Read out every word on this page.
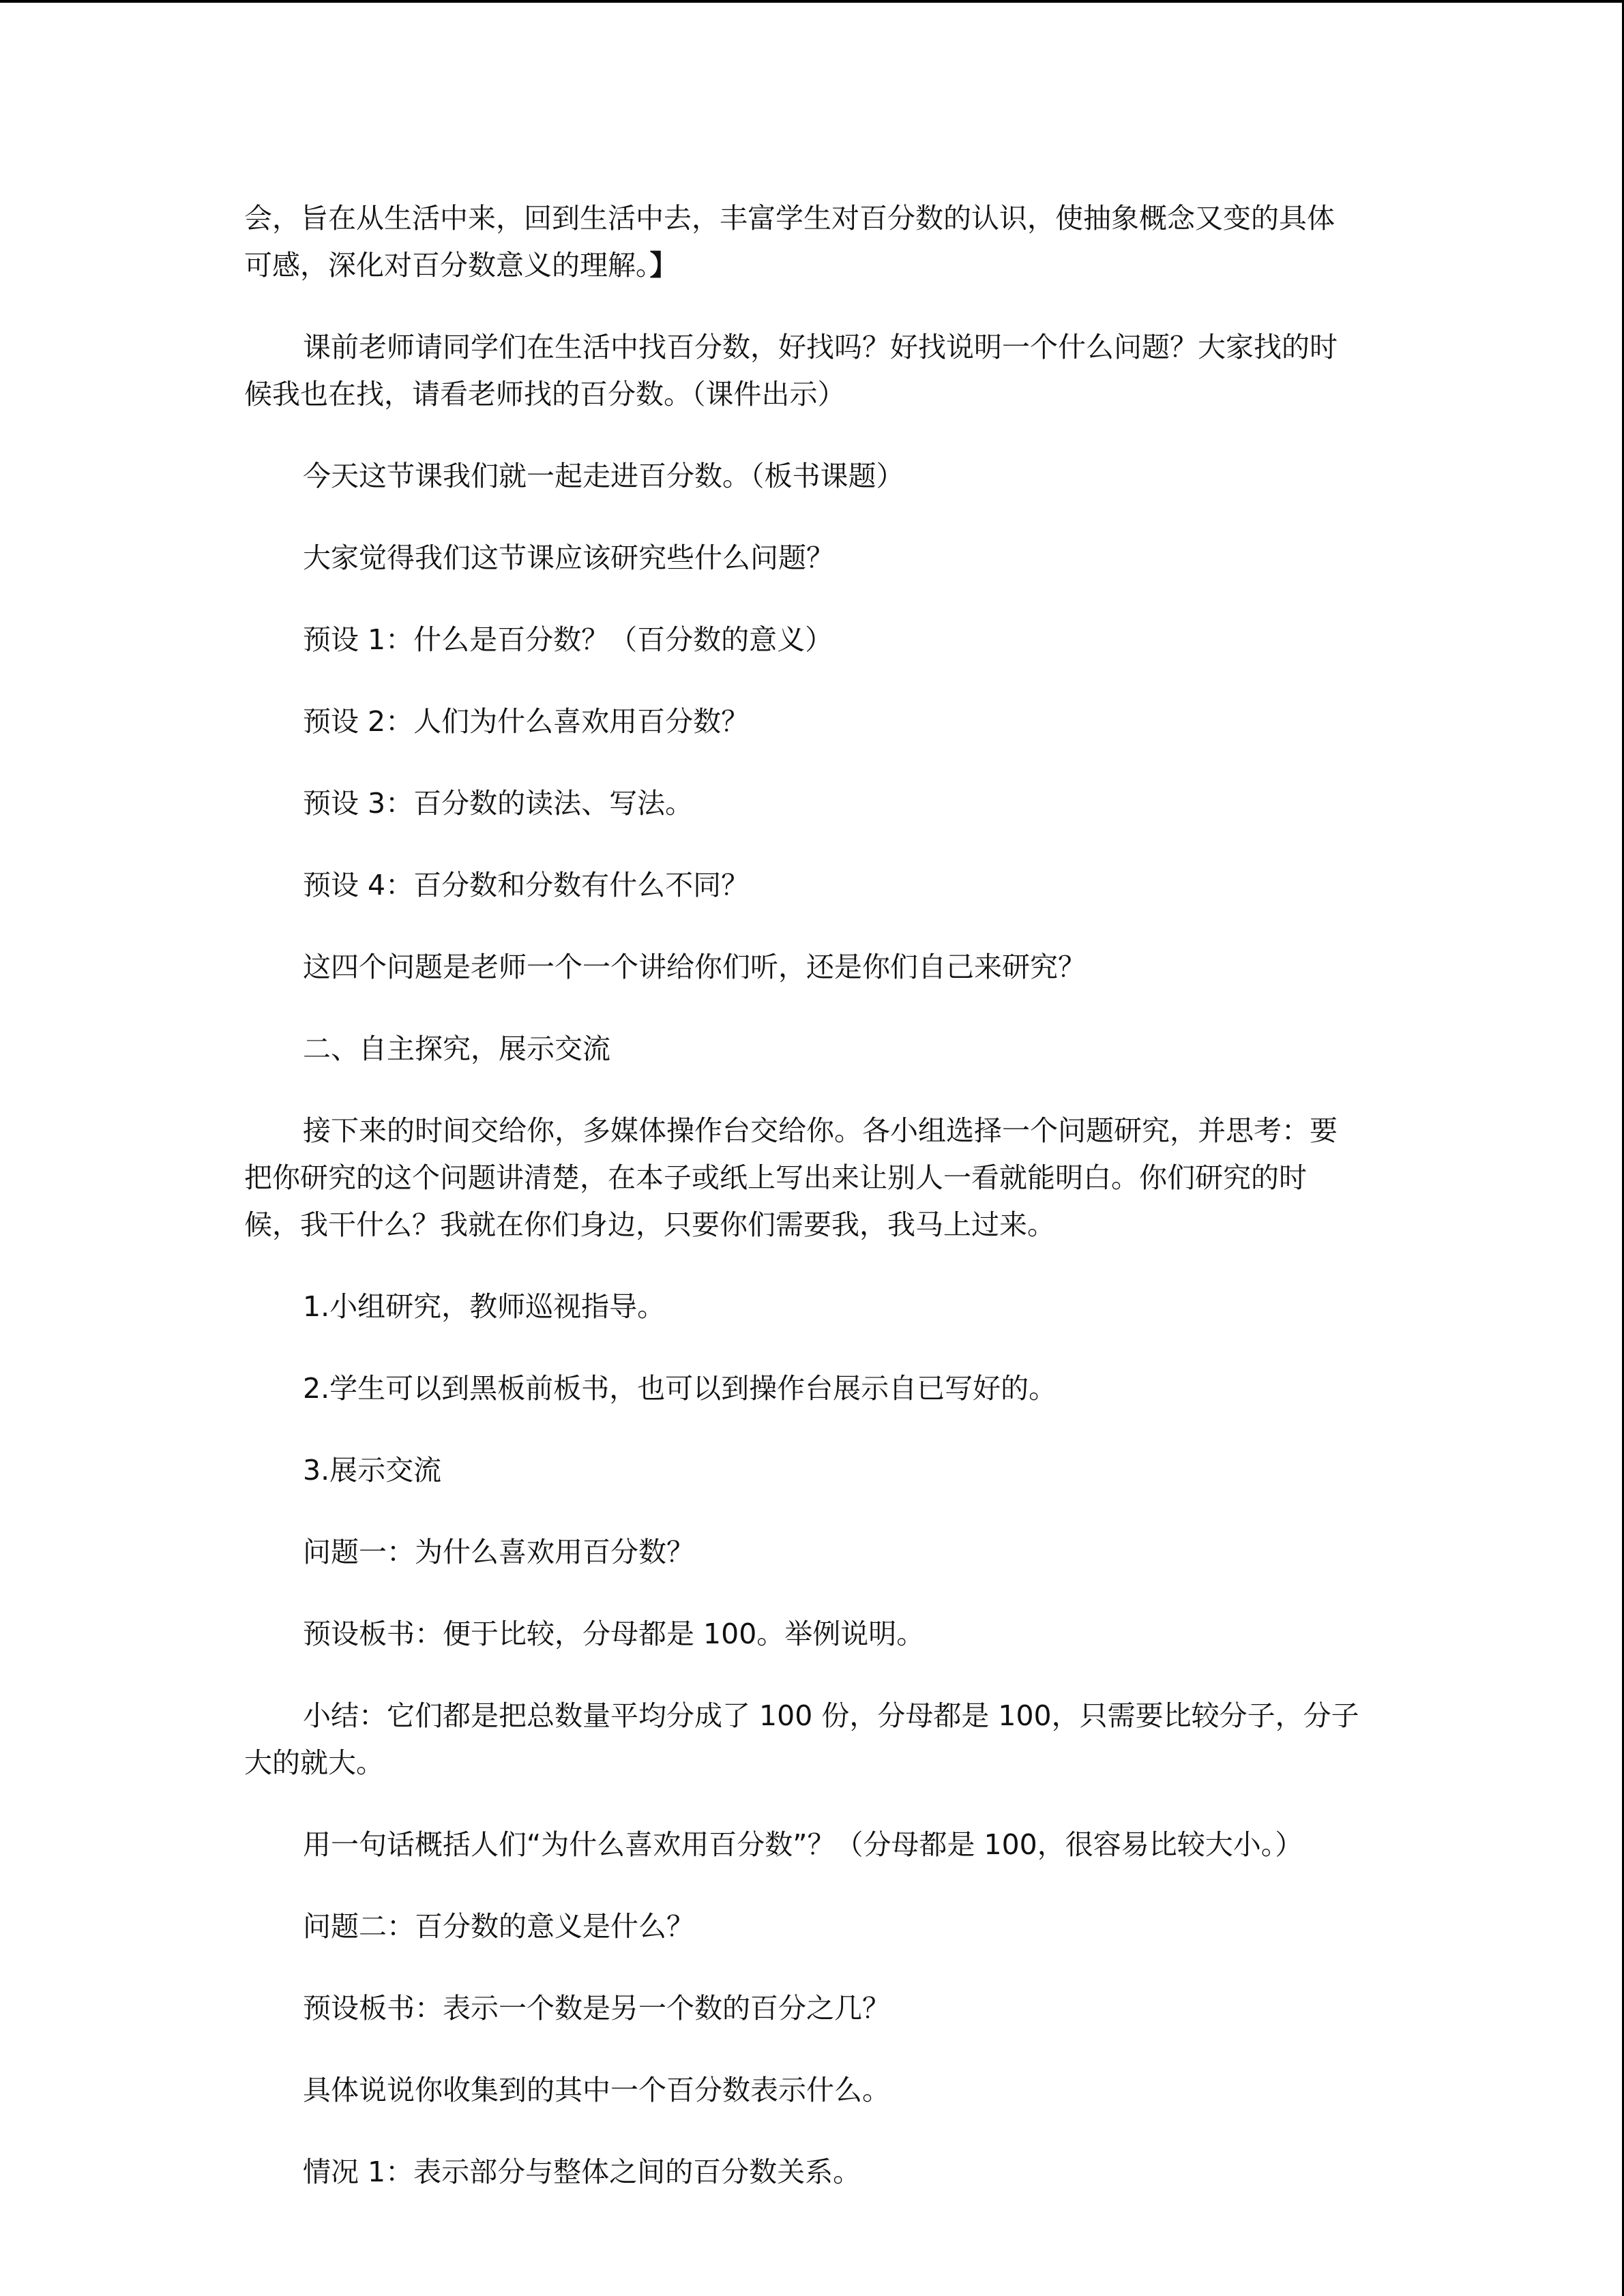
会，旨在从生活中来，回到生活中去，丰富学生对百分数的认识，使抽象概念又变的具体
可感，深化对百分数意义的理解。】

课前老师请同学们在生活中找百分数，好找吗？好找说明一个什么问题？大家找的时
候我也在找，请看老师找的百分数。（课件出示）

今天这节课我们就一起走进百分数。（板书课题）

大家觉得我们这节课应该研究些什么问题？

预设 1：什么是百分数？（百分数的意义）

预设 2：人们为什么喜欢用百分数？

预设 3：百分数的读法、写法。

预设 4：百分数和分数有什么不同？

这四个问题是老师一个一个讲给你们听，还是你们自己来研究？

二、自主探究，展示交流

接下来的时间交给你，多媒体操作台交给你。各小组选择一个问题研究，并思考：要
把你研究的这个问题讲清楚，在本子或纸上写出来让别人一看就能明白。你们研究的时
候，我干什么？我就在你们身边，只要你们需要我，我马上过来。

1.小组研究，教师巡视指导。

2.学生可以到黑板前板书，也可以到操作台展示自已写好的。

3.展示交流

问题一：为什么喜欢用百分数？

预设板书：便于比较，分母都是 100。举例说明。

小结：它们都是把总数量平均分成了 100 份，分母都是 100，只需要比较分子，分子
大的就大。

用一句话概括人们“为什么喜欢用百分数”？（分母都是 100，很容易比较大小。）

问题二：百分数的意义是什么？

预设板书：表示一个数是另一个数的百分之几？

具体说说你收集到的其中一个百分数表示什么。

情况 1：表示部分与整体之间的百分数关系。
